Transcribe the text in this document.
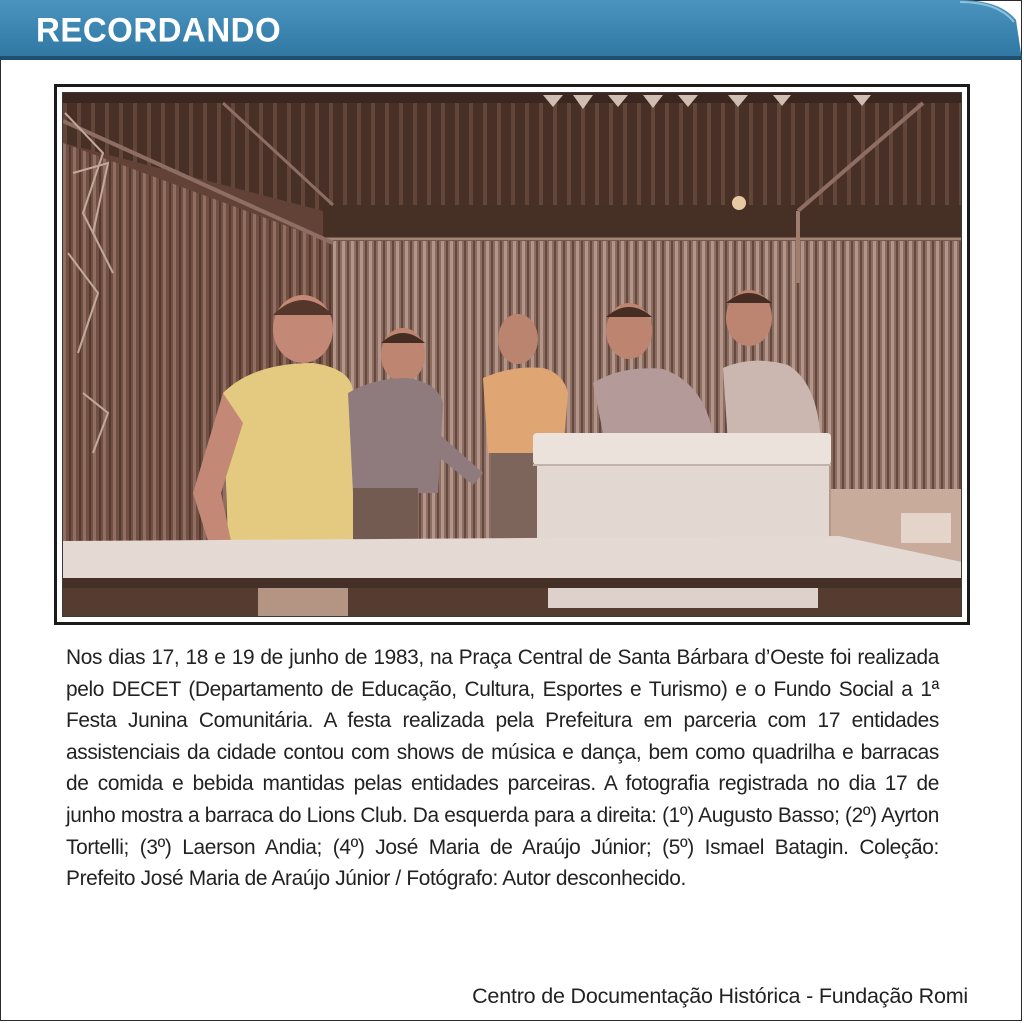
RECORDANDO
Nos dias 17, 18 e 19 de junho de 1983, na Praça Central de Santa Bárbara d’Oeste foi realizada pelo DECET (Departamento de Educação, Cultura, Esportes e Turismo) e o Fundo Social a 1ª Festa Junina Comunitária. A festa realizada pela Prefeitura em parceria com 17 entidades assistenciais da cidade contou com shows de música e dança, bem como quadrilha e barracas de comida e bebida mantidas pelas entidades parceiras. A fotografia registrada no dia 17 de junho mostra a barraca do Lions Club. Da esquerda para a direita: (1º) Augusto Basso; (2º) Ayrton Tortelli; (3º) Laerson Andia; (4º) José Maria de Araújo Júnior; (5º) Ismael Batagin. Coleção: Prefeito José Maria de Araújo Júnior / Fotógrafo: Autor desconhecido.
Centro de Documentação Histórica - Fundação Romi
